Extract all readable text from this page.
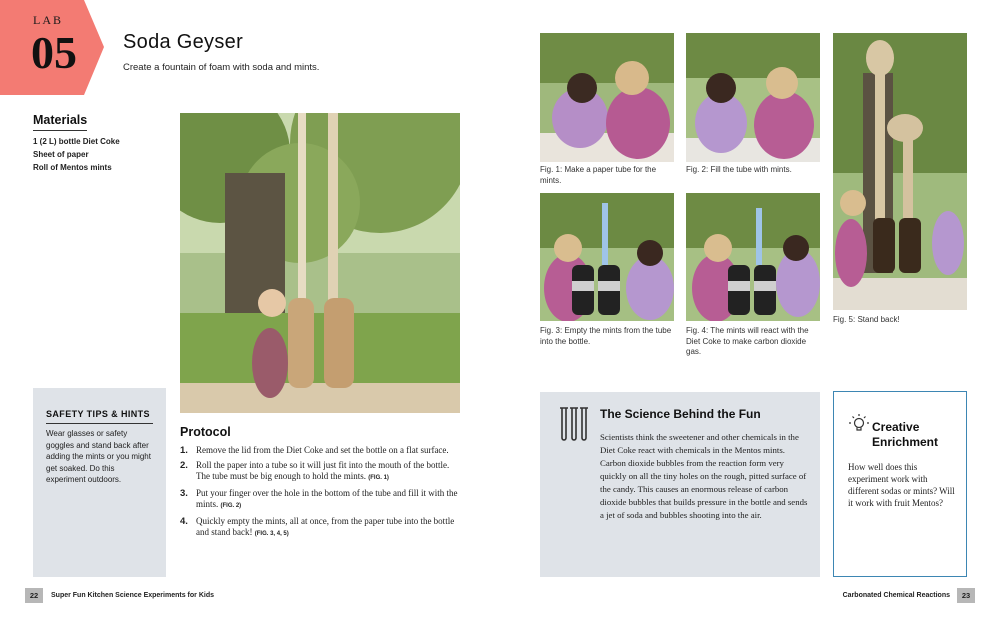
LAB
05 Soda Geyser
Create a fountain of foam with soda and mints.
Materials
1 (2 L) bottle Diet Coke
Sheet of paper
Roll of Mentos mints
SAFETY TIPS & HINTS

Wear glasses or safety goggles and stand back after adding the mints or you might get soaked. Do this experiment outdoors.

Protocol
1. Remove the lid from the Diet Coke and set the bottle on a flat surface.
2. Roll the paper into a tube so it will just fit into the mouth of the bottle. The tube must be big enough to hold the mints. (FIG. 1)
3. Put your finger over the hole in the bottom of the tube and fill it with the mints. (FIG. 2)
4. Quickly empty the mints, all at once, from the paper tube into the bottle and stand back! (FIG. 3, 4, 5)
Fig. 1: Make a paper tube for the mints.
Fig. 2: Fill the tube with mints.
Fig. 3: Empty the mints from the tube into the bottle.
Fig. 4: The mints will react with the Diet Coke to make carbon dioxide gas.
Fig. 5: Stand back!
The Science Behind the Fun

Scientists think the sweetener and other chemicals in the Diet Coke react with chemicals in the Mentos mints. Carbon dioxide bubbles from the reaction form very quickly on all the tiny holes on the rough, pitted surface of the candy. This causes an enormous release of carbon dioxide bubbles that builds pressure in the bottle and sends a jet of soda and bubbles shooting into the air.

Creative
Enrichment

How well does this experiment work with different sodas or mints? Will it work with fruit Mentos?

22	Super Fun Kitchen Science Experiments for Kids	Carbonated Chemical Reactions	23
